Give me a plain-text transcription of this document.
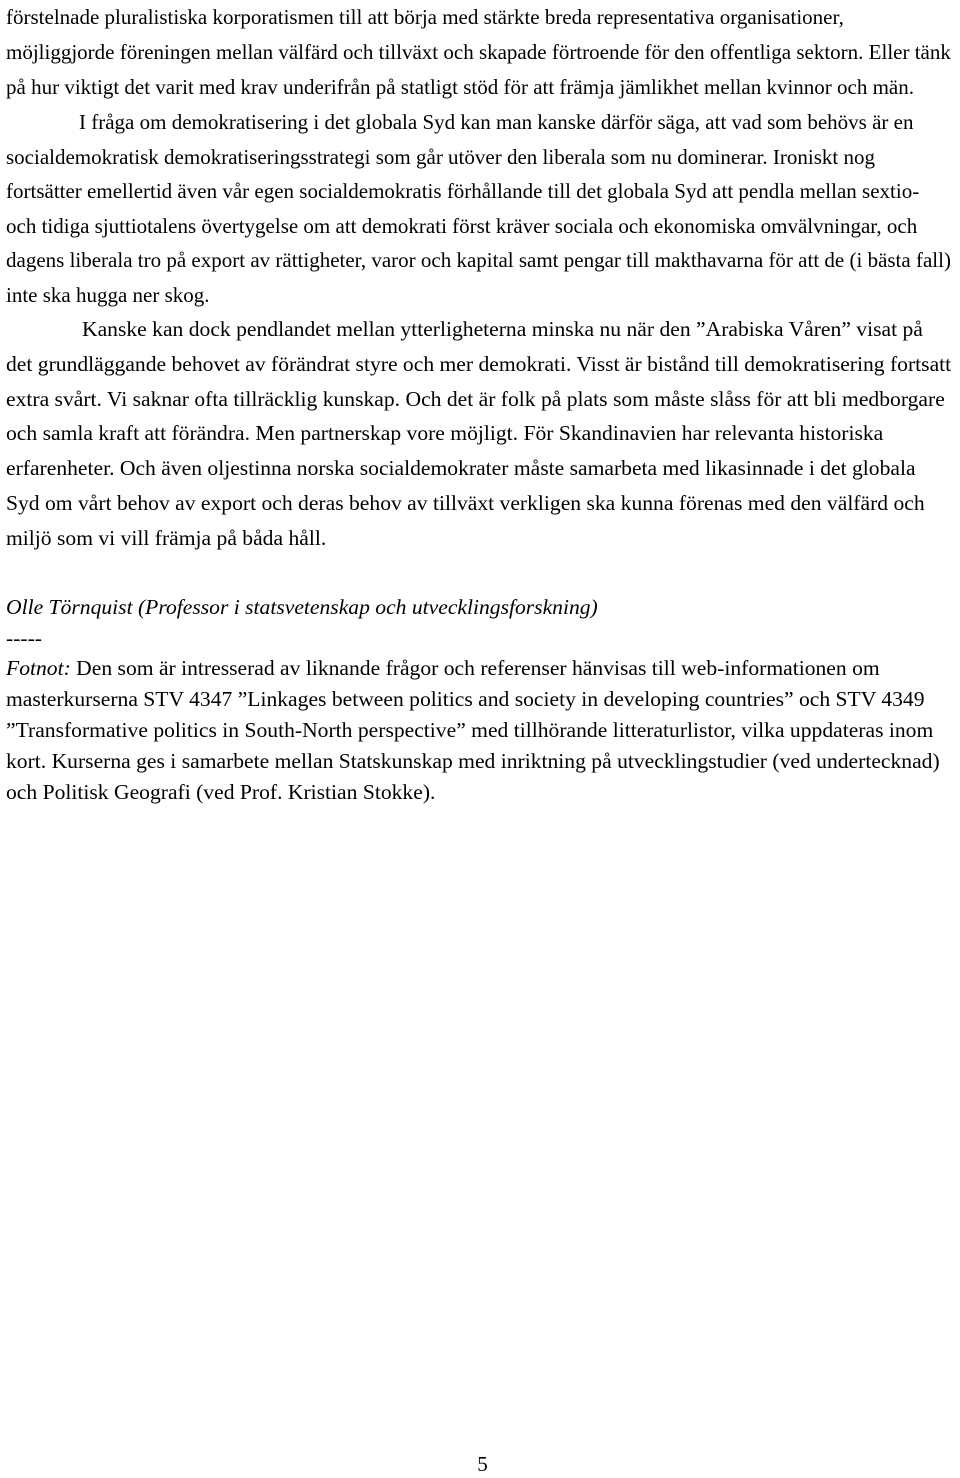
förstelnade pluralistiska korporatismen till att börja med stärkte breda representativa organisationer, möjliggjorde föreningen mellan välfärd och tillväxt och skapade förtroende för den offentliga sektorn. Eller tänk på hur viktigt det varit med krav underifrån på statligt stöd för att främja jämlikhet mellan kvinnor och män.

I fråga om demokratisering i det globala Syd kan man kanske därför säga, att vad som behövs är en socialdemokratisk demokratiseringsstrategi som går utöver den liberala som nu dominerar. Ironiskt nog fortsätter emellertid även vår egen socialdemokratis förhållande till det globala Syd att pendla mellan sextio- och tidiga sjuttiotalens övertygelse om att demokrati först kräver sociala och ekonomiska omvälvningar, och dagens liberala tro på export av rättigheter, varor och kapital samt pengar till makthavarna för att de (i bästa fall) inte ska hugga ner skog.

Kanske kan dock pendlandet mellan ytterligheterna minska nu när den ”Arabiska Våren” visat på det grundläggande behovet av förändrat styre och mer demokrati. Visst är bistånd till demokratisering fortsatt extra svårt. Vi saknar ofta tillräcklig kunskap. Och det är folk på plats som måste slåss för att bli medborgare och samla kraft att förändra. Men partnerskap vore möjligt. För Skandinavien har relevanta historiska erfarenheter. Och även oljestinna norska socialdemokrater måste samarbeta med likasinnade i det globala Syd om vårt behov av export och deras behov av tillväxt verkligen ska kunna förenas med den välfärd och miljö som vi vill främja på båda håll.

Olle Törnquist (Professor i statsvetenskap och utvecklingsforskning)

-----

Fotnot: Den som är intresserad av liknande frågor och referenser hänvisas till web-informationen om masterkurserna STV 4347 ”Linkages between politics and society in developing countries” och STV 4349 ”Transformative politics in South-North perspective” med tillhörande litteraturlistor, vilka uppdateras inom kort. Kurserna ges i samarbete mellan Statskunskap med inriktning på utvecklingstudier (ved undertecknad) och Politisk Geografi (ved Prof. Kristian Stokke).

5
